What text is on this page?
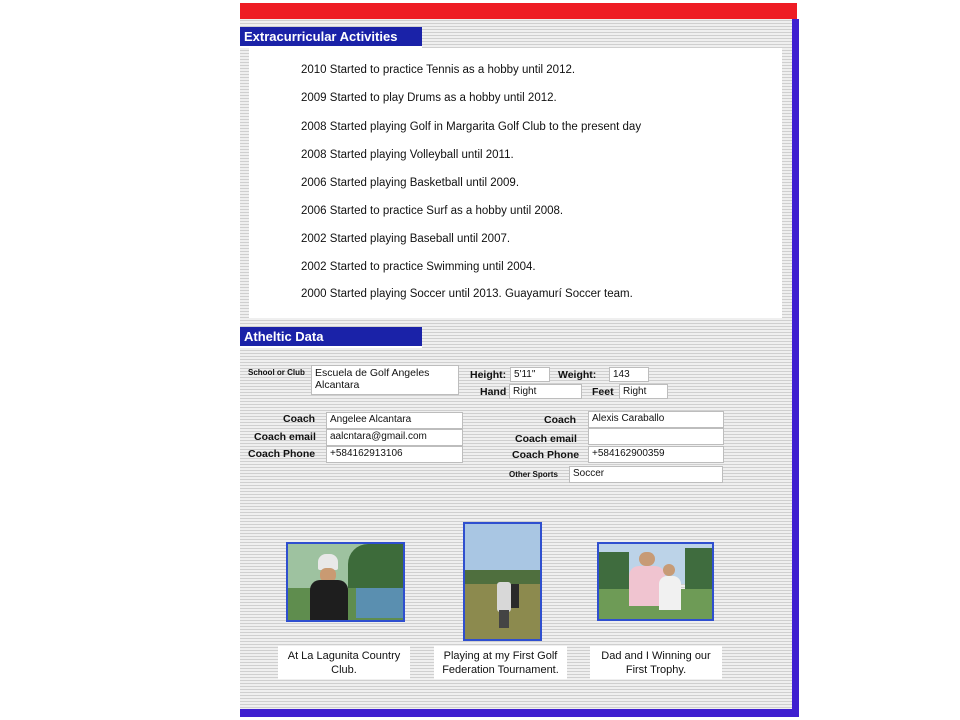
Extracurricular Activities
2010 Started to practice Tennis as a hobby until 2012.
2009 Started to play Drums as a hobby until 2012.
2008 Started playing Golf in Margarita Golf Club to the present day
2008 Started playing Volleyball until 2011.
2006 Started playing Basketball until 2009.
2006 Started to practice Surf as a hobby until 2008.
2002 Started playing Baseball until 2007.
2002 Started to practice Swimming until 2004.
2000 Started playing Soccer until 2013. Guayamurí Soccer team.
Atheltic Data
School or Club Escuela de Golf Angeles Alcantara
Height: 5'11"	Weight:	143
Hand Right	Feet Right
Coach	Angelee Alcantara
Coach email	aalcntara@gmail.com
Coach Phone	+584162913106
Coach	Alexis Caraballo
Coach email
Coach Phone	+584162900359
Other Sports	Soccer
At La Lagunita Country Club.
Playing at my First Golf Federation Tournament.
Dad and I Winning our First Trophy.
